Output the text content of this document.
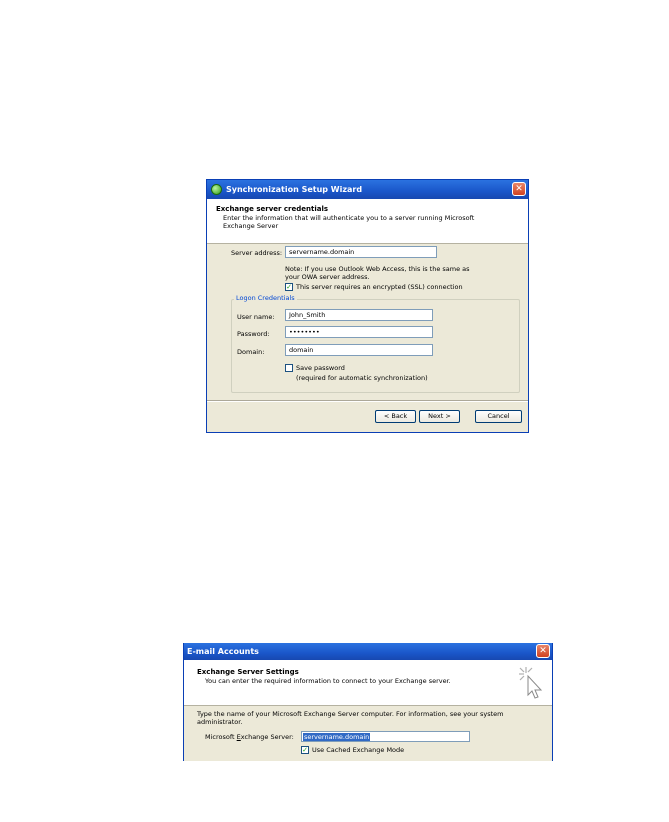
Synchronization Setup Wizard	✕
Exchange server credentials
Enter the information that will authenticate you to a server running Microsoft Exchange Server
Server address:	servername.domain
Note: If you use Outlook Web Access, this is the same as your OWA server address.
✓ This server requires an encrypted (SSL) connection
Logon Credentials
User name:	John_Smith
Password:	••••••••
Domain:	domain
Save password
(required for automatic synchronization)
< Back	Next >	Cancel
E-mail Accounts	✕
Exchange Server Settings
You can enter the required information to connect to your Exchange server.
Type the name of your Microsoft Exchange Server computer. For information, see your system administrator.
Microsoft Exchange Server: servername.domain
✓ Use Cached Exchange Mode
